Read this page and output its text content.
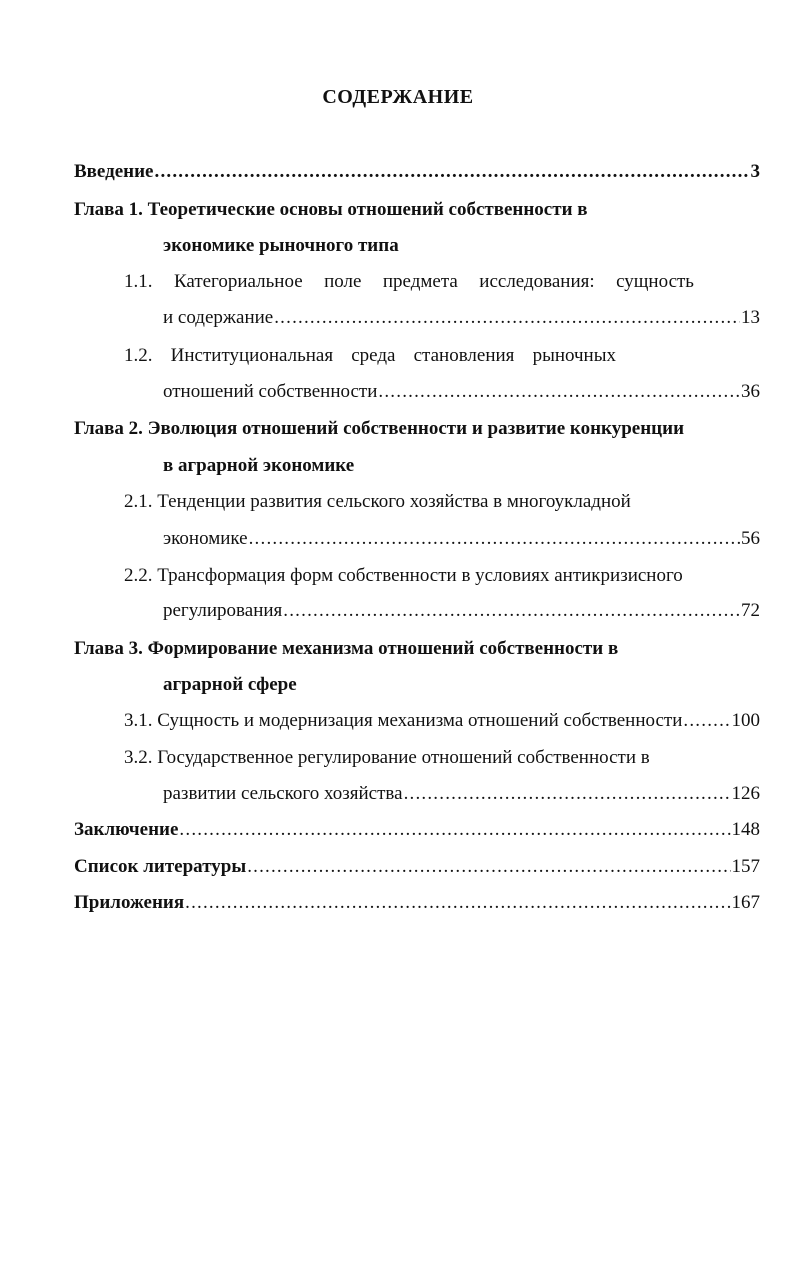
СОДЕРЖАНИЕ
Введение .....	3
Глава 1. Теоретические основы отношений собственности в
экономике рыночного типа
1.1. Категориальное поле предмета исследования: сущность
и содержание .....	13
1.2. Институциональная среда становления рыночных
отношений собственности .....	36
Глава 2. Эволюция отношений собственности и развитие конкуренции
в аграрной экономике
2.1. Тенденции развития сельского хозяйства в многоукладной
экономике .....	56
2.2. Трансформация форм собственности в условиях антикризисного
регулирования .....	72
Глава 3. Формирование механизма отношений собственности в
аграрной сфере
3.1. Сущность и модернизация механизма отношений собственности .....	100
3.2. Государственное регулирование отношений собственности в
развитии сельского хозяйства .....	126
Заключение .....	148
Список литературы .....	157
Приложения .....	167
